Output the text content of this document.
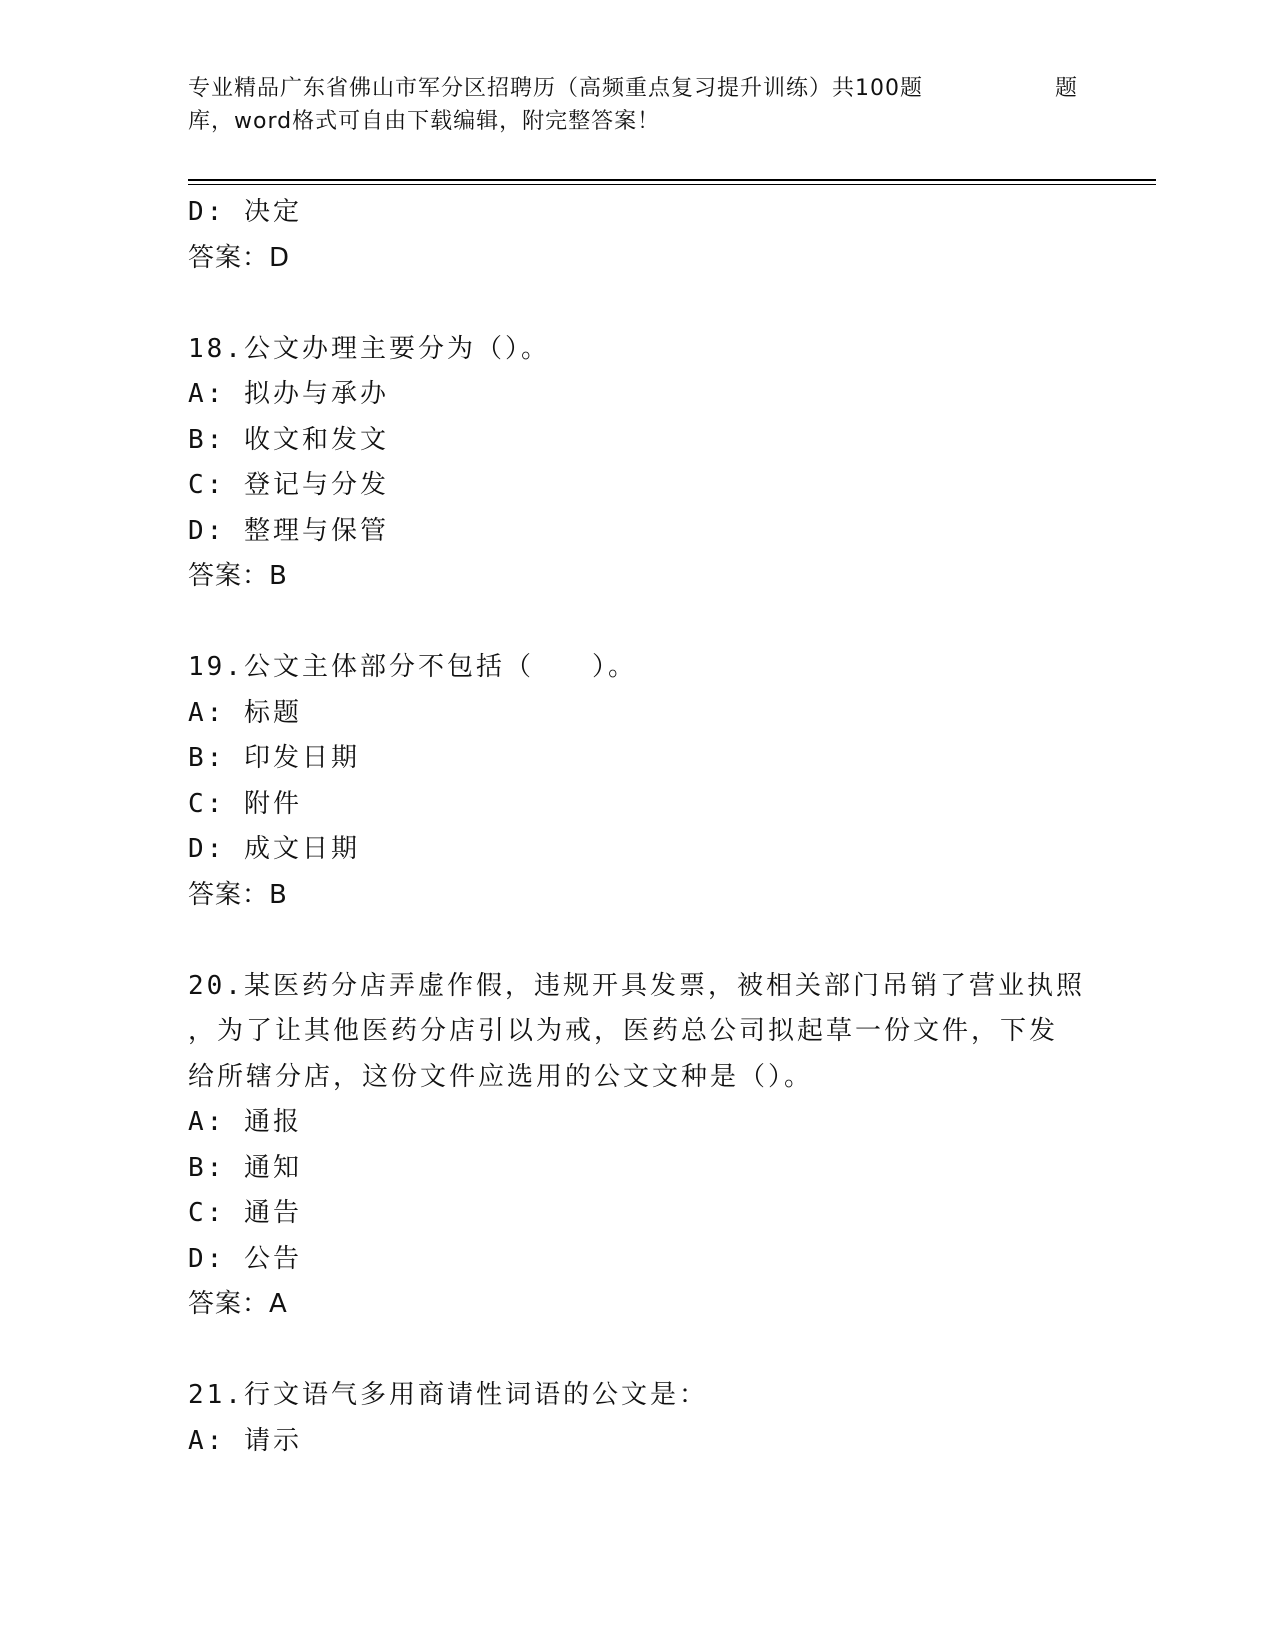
专业精品广东省佛山市军分区招聘历（高频重点复习提升训练）共100题	题
库，word格式可自由下载编辑，附完整答案！
D: 决定
答案：D
18.公文办理主要分为（）。
A: 拟办与承办
B: 收文和发文
C: 登记与分发
D: 整理与保管
答案：B
19.公文主体部分不包括（　　）。
A: 标题
B: 印发日期
C: 附件
D: 成文日期
答案：B
20.某医药分店弄虚作假，违规开具发票，被相关部门吊销了营业执照
，为了让其他医药分店引以为戒，医药总公司拟起草一份文件，下发
给所辖分店，这份文件应选用的公文文种是（）。
A: 通报
B: 通知
C: 通告
D: 公告
答案：A
21.行文语气多用商请性词语的公文是：
A: 请示
